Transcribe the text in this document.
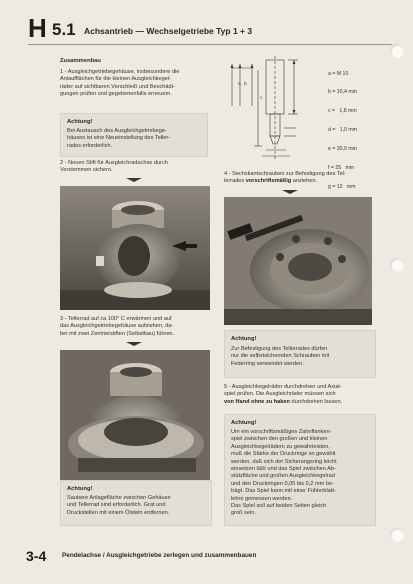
H 5.1 Achsantrieb — Wechselgetriebe Typ 1 + 3
Zusammenbau
1 - Ausgleichgetriebegehäuse, insbesondere die
Anlaufflächen für die kleinen Ausgleichkegel-
räder auf sichtbaren Verschleiß und Beschädi-
gungen prüfen und gegebenenfalls erneuern.
Achtung!
Bei Austausch des Ausgleichgetriebege-
häuses ist eine Neueinstellung des Teller-
rades erforderlich.
2 - Neuen Stift für Ausgleichradachse durch
Verstemmen sichern.
3 - Tellerrad auf ca 100° C erwärmen und auf
das Ausgleichgetriebegehäuse aufziehen, da-
bei mit zwei Zentrierstiften (Selbstbau) führen.
Achtung!
Saubere Anlagefläche zwischen Gehäuse
und Tellerrad sind erforderlich. Grat und
Druckstellen mit einem Ölstein entfernen.
a b
c

a = M 10

b = 10,4 mm

c =   1,8 mm

d =   1,0 mm

e = 30,0 mm

f = 25   mm

g = 12   mm

4 - Sechskantschrauben zur Befestigung des Tel-
lerrades vorschriftsmäßig anziehen.
Achtung!
Zur Befestigung des Tellerrades dürfen
nur die selbstsichernden Schrauben mit
Federring verwendet werden.
5 - Ausgleichkegelräder durchdrehen und Axial-
spiel prüfen. Die Ausgleichräder müssen sich
von Hand ohne zu haken durchdrehen lassen.
Achtung!
Um ein vorschriftsmäßiges Zahnflanken-
spiel zwischen den großen und kleinen
Ausgleichkegelrädern zu gewährleisten,
muß die Stärke der Druckringe so gewählt
werden, daß sich der Sicherungsring leicht
einsetzen läßt und das Spiel zwischen Ab-
stützfläche und großen Ausgleichkegelrad
und den Druckringen 0,05 bis 0,2 mm be-
trägt. Das Spiel kann mit einer Fühlerblatt-
lehre gemessen werden.
Das Spiel soll auf beiden Seiten gleich
groß sein.
3-4 Pendelachse / Ausgleichgetriebe zerlegen und zusammenbauen
